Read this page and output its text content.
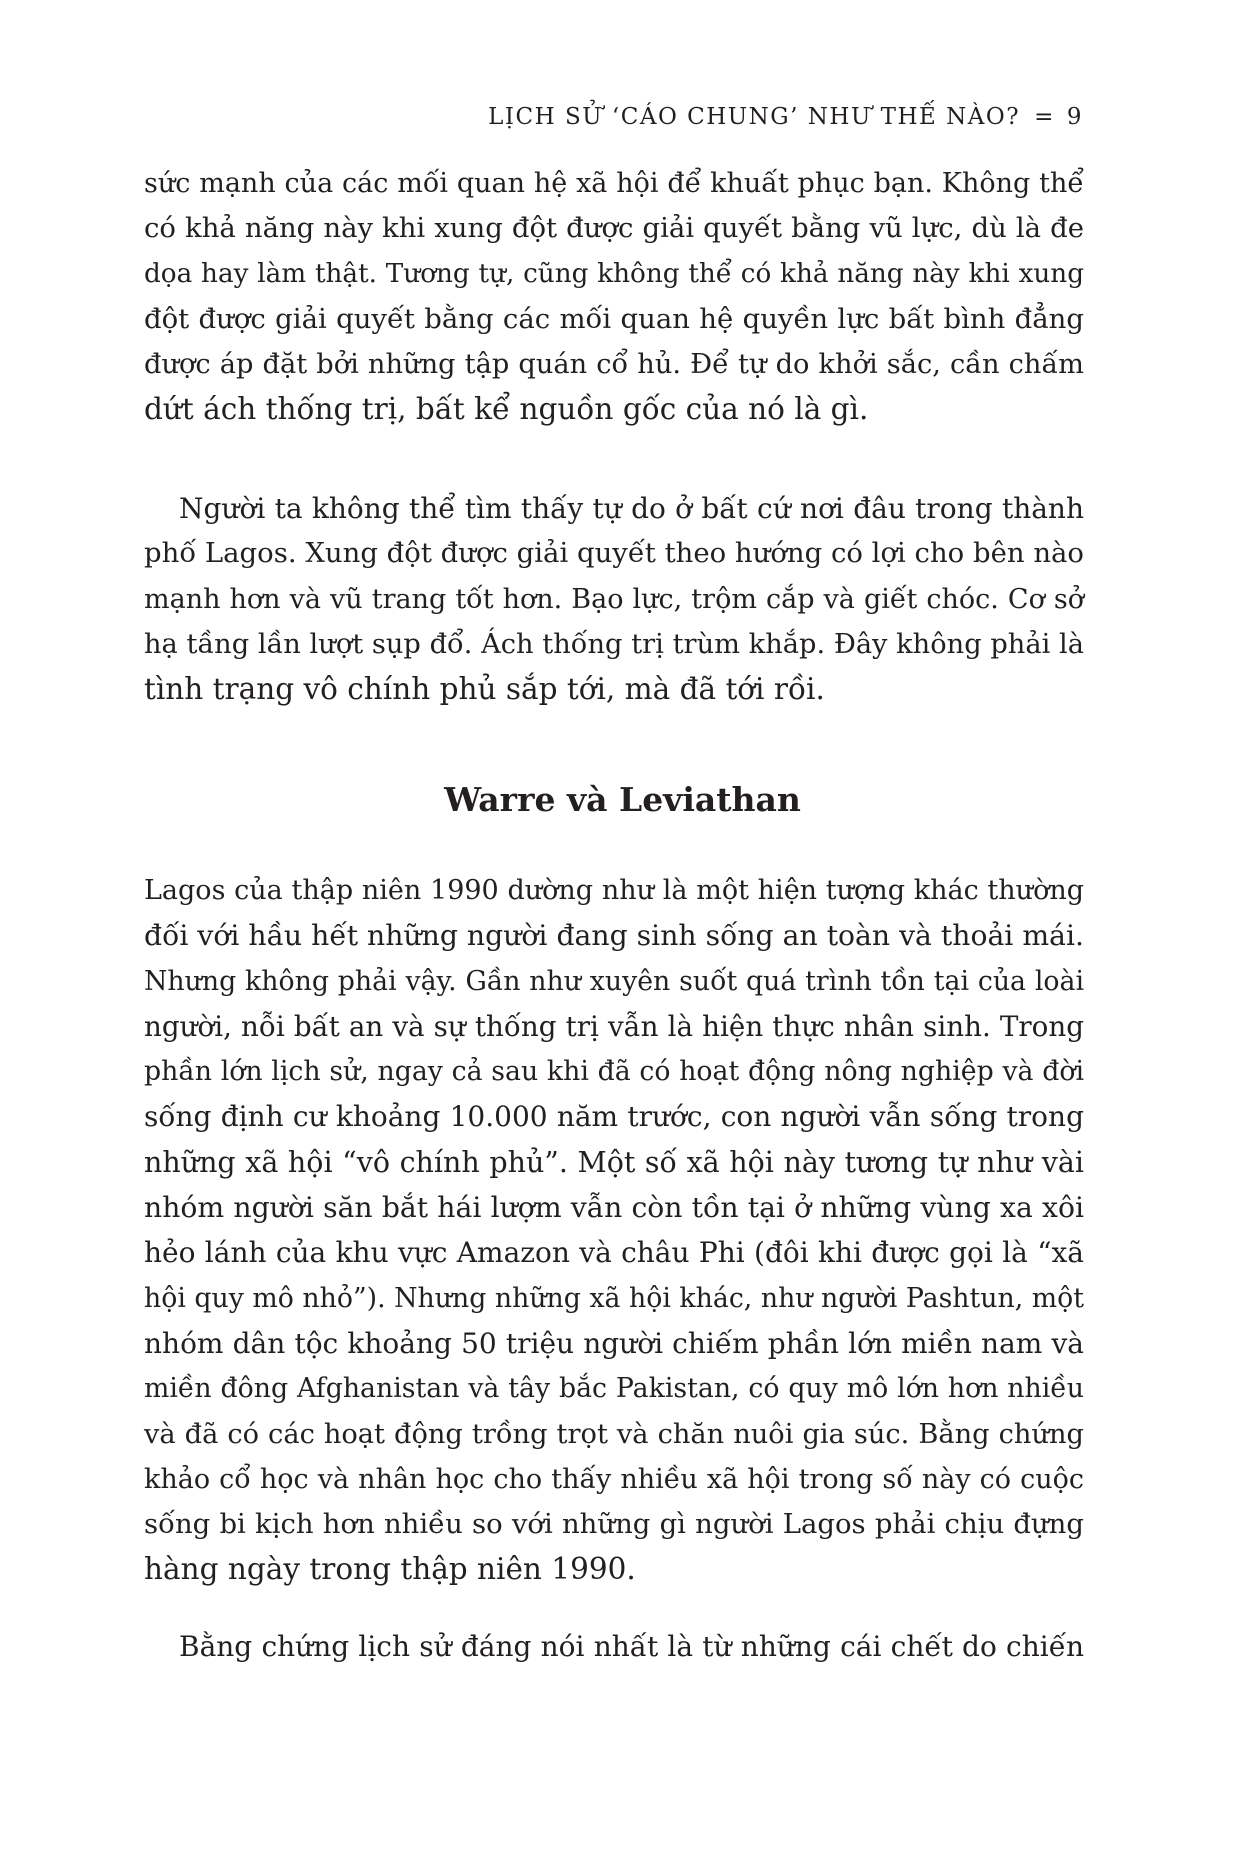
LỊCH SỬ ‘CÁO CHUNG’ NHƯ THẾ NÀO? = 9
sức mạnh của các mối quan hệ xã hội để khuất phục bạn. Không thể
có khả năng này khi xung đột được giải quyết bằng vũ lực, dù là đe
dọa hay làm thật. Tương tự, cũng không thể có khả năng này khi xung
đột được giải quyết bằng các mối quan hệ quyền lực bất bình đẳng
được áp đặt bởi những tập quán cổ hủ. Để tự do khởi sắc, cần chấm
dứt ách thống trị, bất kể nguồn gốc của nó là gì.
Người ta không thể tìm thấy tự do ở bất cứ nơi đâu trong thành
phố Lagos. Xung đột được giải quyết theo hướng có lợi cho bên nào
mạnh hơn và vũ trang tốt hơn. Bạo lực, trộm cắp và giết chóc. Cơ sở
hạ tầng lần lượt sụp đổ. Ách thống trị trùm khắp. Đây không phải là
tình trạng vô chính phủ sắp tới, mà đã tới rồi.
Warre và Leviathan
Lagos của thập niên 1990 dường như là một hiện tượng khác thường
đối với hầu hết những người đang sinh sống an toàn và thoải mái.
Nhưng không phải vậy. Gần như xuyên suốt quá trình tồn tại của loài
người, nỗi bất an và sự thống trị vẫn là hiện thực nhân sinh. Trong
phần lớn lịch sử, ngay cả sau khi đã có hoạt động nông nghiệp và đời
sống định cư khoảng 10.000 năm trước, con người vẫn sống trong
những xã hội “vô chính phủ”. Một số xã hội này tương tự như vài
nhóm người săn bắt hái lượm vẫn còn tồn tại ở những vùng xa xôi
hẻo lánh của khu vực Amazon và châu Phi (đôi khi được gọi là “xã
hội quy mô nhỏ”). Nhưng những xã hội khác, như người Pashtun, một
nhóm dân tộc khoảng 50 triệu người chiếm phần lớn miền nam và
miền đông Afghanistan và tây bắc Pakistan, có quy mô lớn hơn nhiều
và đã có các hoạt động trồng trọt và chăn nuôi gia súc. Bằng chứng
khảo cổ học và nhân học cho thấy nhiều xã hội trong số này có cuộc
sống bi kịch hơn nhiều so với những gì người Lagos phải chịu đựng
hàng ngày trong thập niên 1990.
Bằng chứng lịch sử đáng nói nhất là từ những cái chết do chiến
